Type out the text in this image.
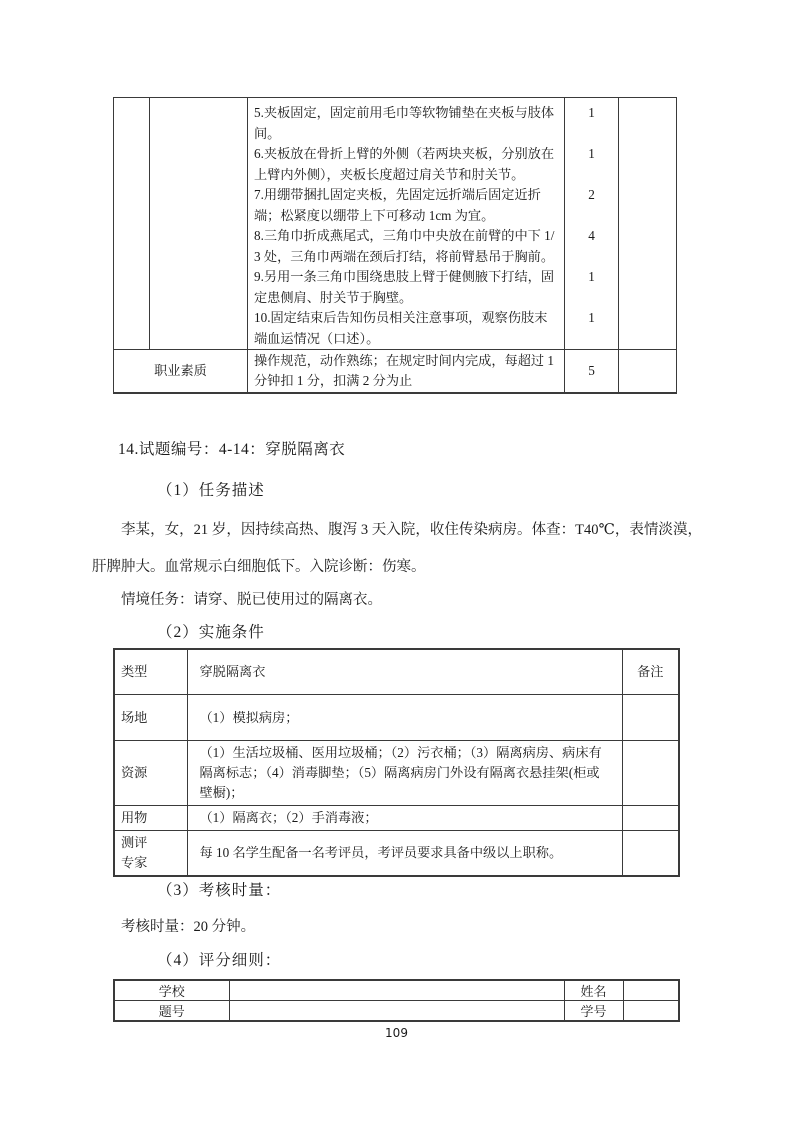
		5.夹板固定，固定前用毛巾等软物铺垫在夹板与肢体间。	1	
		6.夹板放在骨折上臂的外侧（若两块夹板，分别放在上臂内外侧），夹板长度超过肩关节和肘关节。	1	
		7.用绷带捆扎固定夹板，先固定远折端后固定近折端；松紧度以绷带上下可移动 1cm 为宜。	2	
		8.三角巾折成燕尾式，三角巾中央放在前臂的中下 1/3 处，三角巾两端在颈后打结，将前臂悬吊于胸前。	4	
		9.另用一条三角巾围绕患肢上臂于健侧腋下打结，固定患侧肩、肘关节于胸壁。	1	
		10.固定结束后告知伤员相关注意事项，观察伤肢末端血运情况（口述）。	1	
职业素质		操作规范，动作熟练；在规定时间内完成，每超过 1 分钟扣 1 分，扣满 2 分为止	5	
14.试题编号：4-14：穿脱隔离衣
（1）任务描述
李某，女，21 岁，因持续高热、腹泻 3 天入院，收住传染病房。体查：T40℃，表情淡漠，肝脾肿大。血常规示白细胞低下。入院诊断：伤寒。
情境任务：请穿、脱已使用过的隔离衣。
（2）实施条件
类型	穿脱隔离衣	备注
场地	（1）模拟病房；	
资源	（1）生活垃圾桶、医用垃圾桶；（2）污衣桶；（3）隔离病房、病床有隔离标志；（4）消毒脚垫；（5）隔离病房门外设有隔离衣悬挂架(柜或壁橱)；	
用物	（1）隔离衣；（2）手消毒液；	
测评专家	每 10 名学生配备一名考评员，考评员要求具备中级以上职称。	
（3）考核时量：
考核时量：20 分钟。
（4）评分细则：
学校		姓名	
题号		学号	
109
